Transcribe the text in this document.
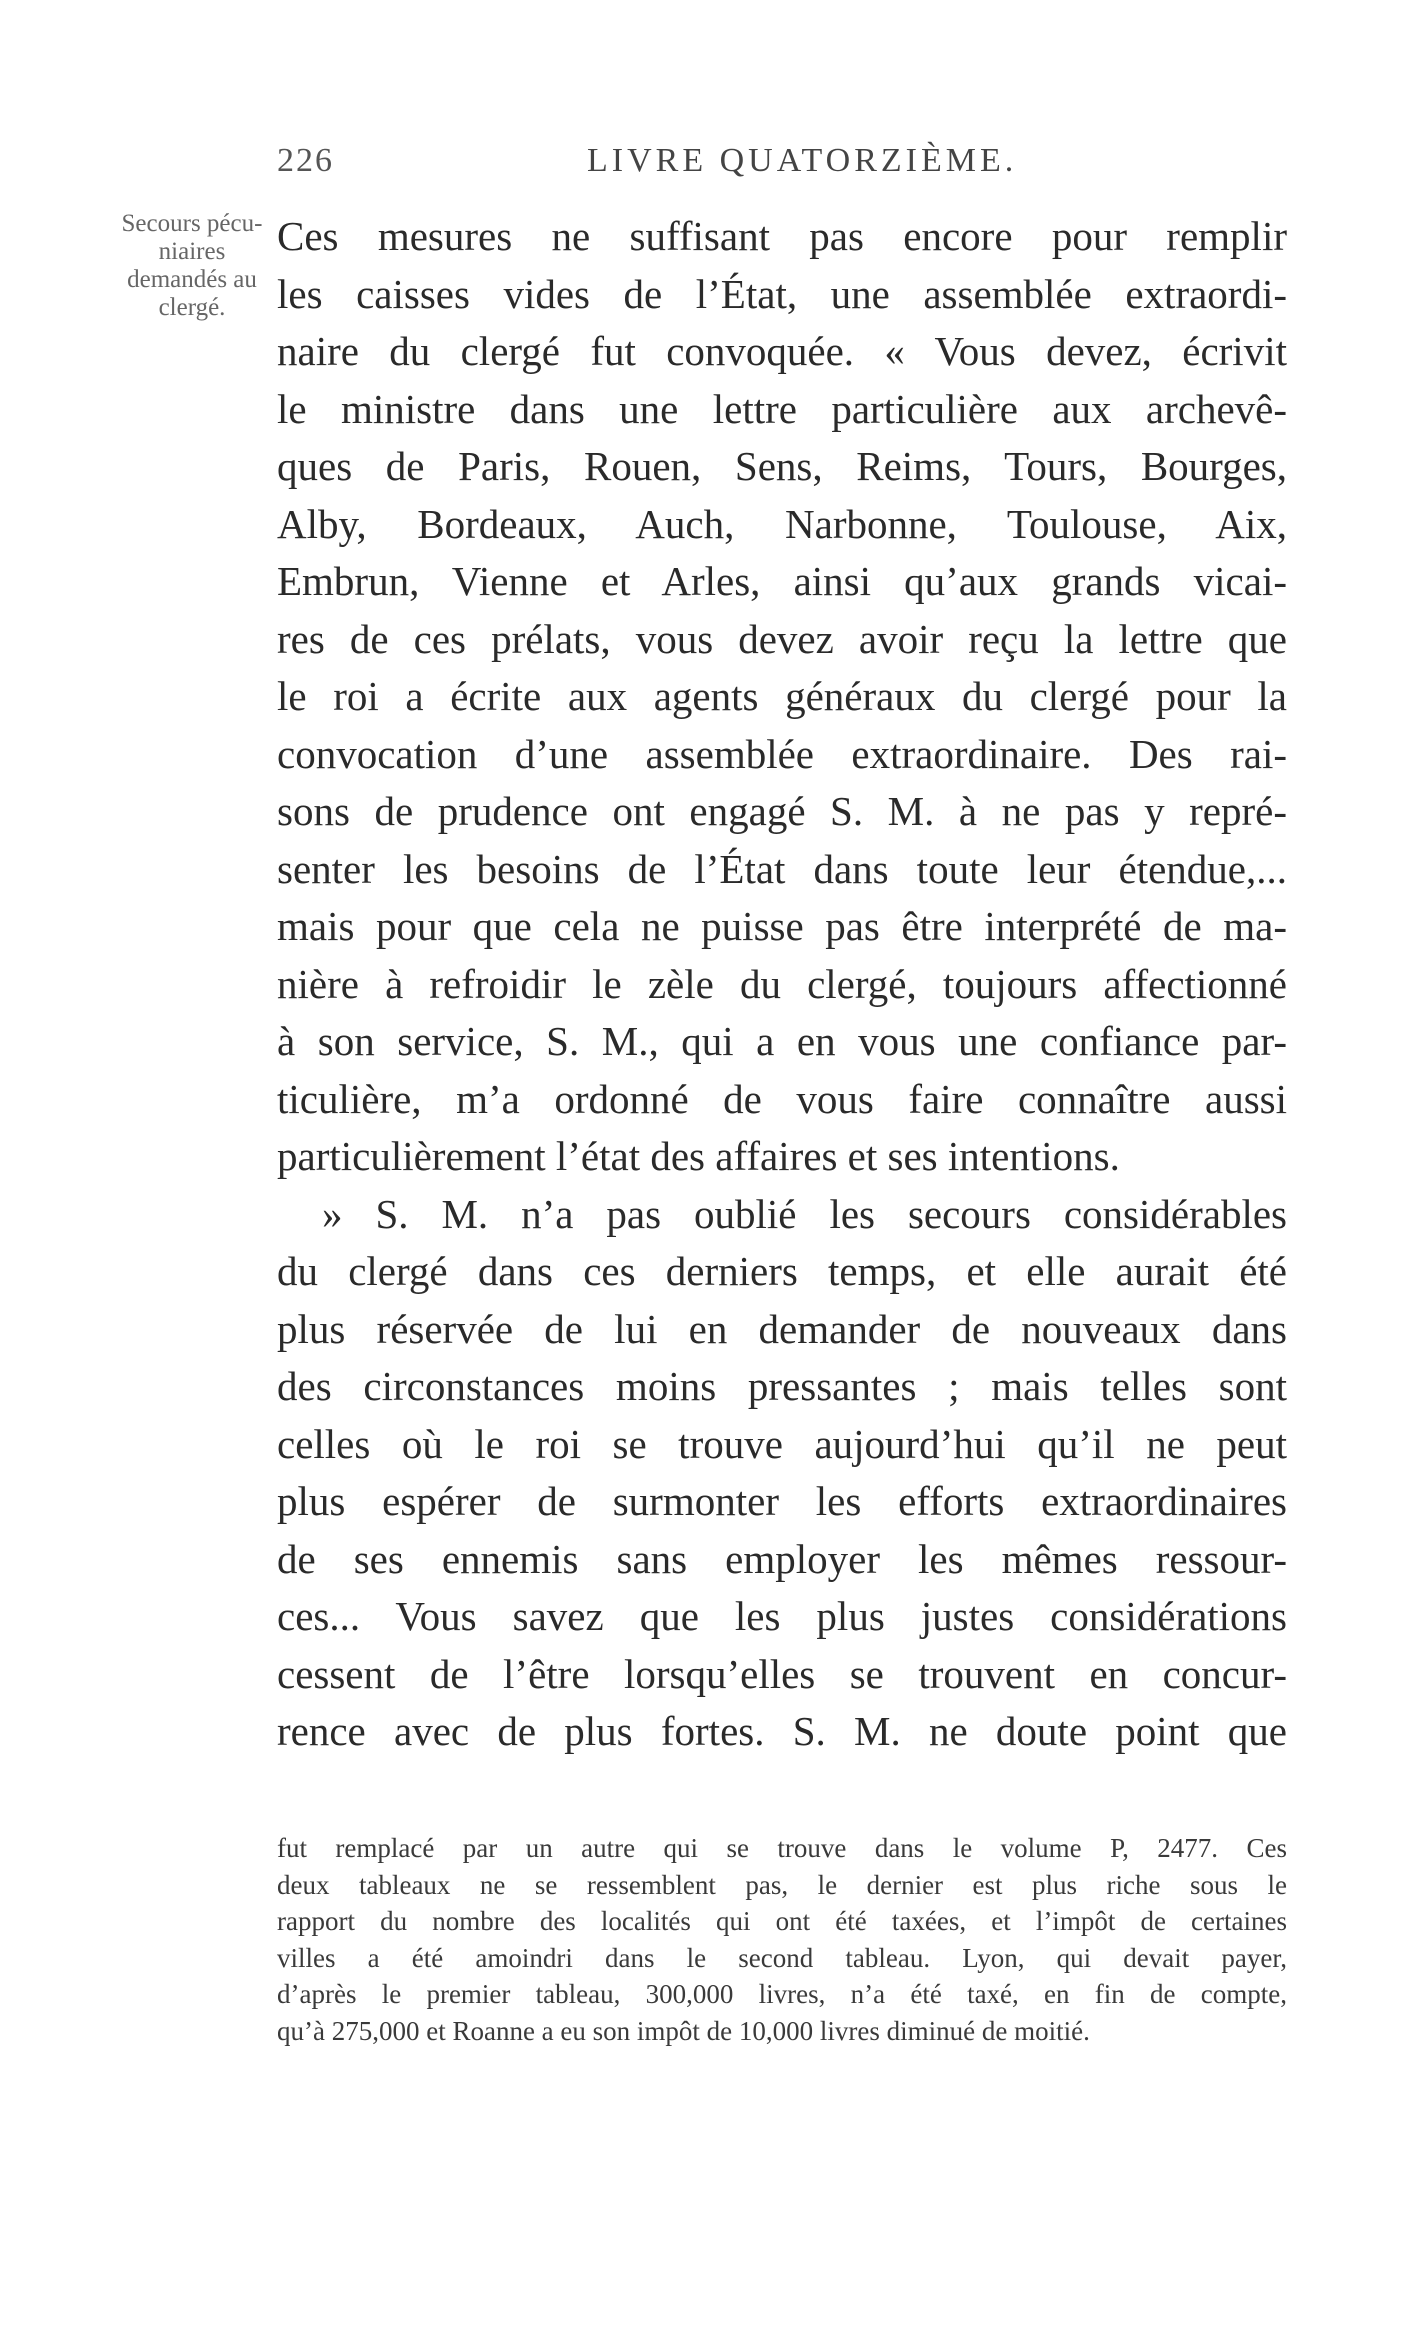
226	LIVRE QUATORZIÈME.
Secours pécu-niaires demandés au clergé.
Ces mesures ne suffisant pas encore pour remplir
les caisses vides de l’État, une assemblée extraordi-
naire du clergé fut convoquée. « Vous devez, écrivit
le ministre dans une lettre particulière aux archevê-
ques de Paris, Rouen, Sens, Reims, Tours, Bourges,
Alby, Bordeaux, Auch, Narbonne, Toulouse, Aix,
Embrun, Vienne et Arles, ainsi qu’aux grands vicai-
res de ces prélats, vous devez avoir reçu la lettre que
le roi a écrite aux agents généraux du clergé pour la
convocation d’une assemblée extraordinaire. Des rai-
sons de prudence ont engagé S. M. à ne pas y repré-
senter les besoins de l’État dans toute leur étendue,...
mais pour que cela ne puisse pas être interprété de ma-
nière à refroidir le zèle du clergé, toujours affectionné
à son service, S. M., qui a en vous une confiance par-
ticulière, m’a ordonné de vous faire connaître aussi
particulièrement l’état des affaires et ses intentions.
» S. M. n’a pas oublié les secours considérables
du clergé dans ces derniers temps, et elle aurait été
plus réservée de lui en demander de nouveaux dans
des circonstances moins pressantes ; mais telles sont
celles où le roi se trouve aujourd’hui qu’il ne peut
plus espérer de surmonter les efforts extraordinaires
de ses ennemis sans employer les mêmes ressour-
ces... Vous savez que les plus justes considérations
cessent de l’être lorsqu’elles se trouvent en concur-
rence avec de plus fortes. S. M. ne doute point que
fut remplacé par un autre qui se trouve dans le volume P, 2477. Ces
deux tableaux ne se ressemblent pas, le dernier est plus riche sous le
rapport du nombre des localités qui ont été taxées, et l’impôt de certaines
villes a été amoindri dans le second tableau. Lyon, qui devait payer,
d’après le premier tableau, 300,000 livres, n’a été taxé, en fin de compte,
qu’à 275,000 et Roanne a eu son impôt de 10,000 livres diminué de moitié.
